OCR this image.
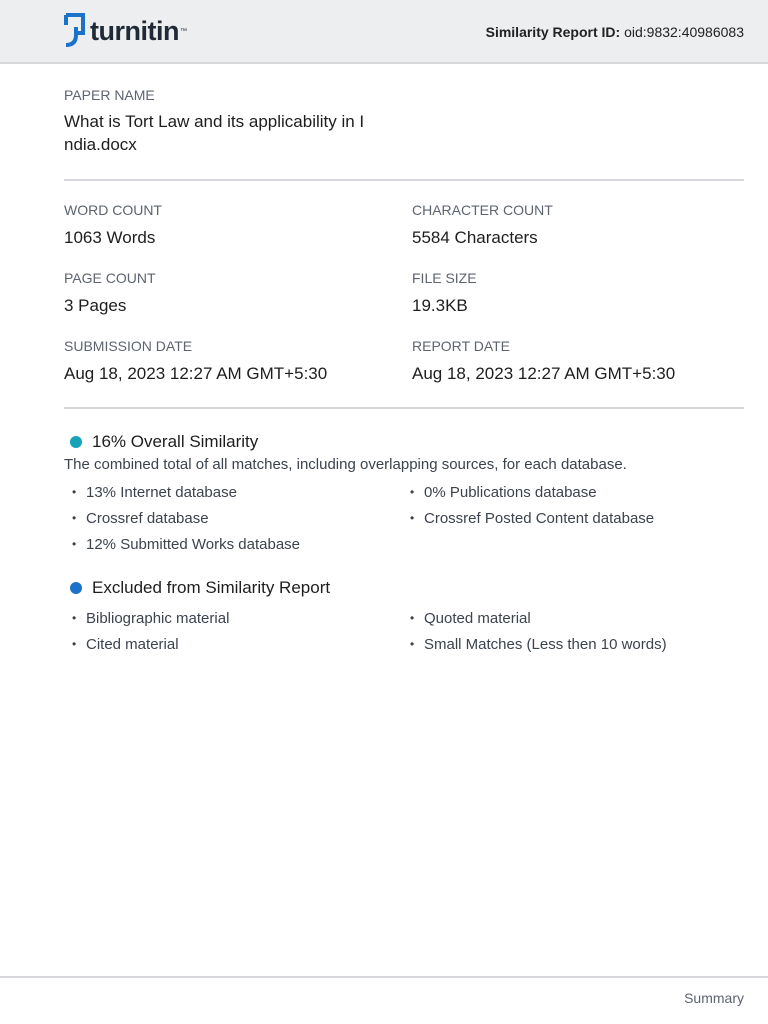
turnitin ™	Similarity Report ID: oid:9832:40986083
PAPER NAME
What is Tort Law and its applicability in I
ndia.docx
WORD COUNT
1063 Words
CHARACTER COUNT
5584 Characters
PAGE COUNT
3 Pages
FILE SIZE
19.3KB
SUBMISSION DATE
Aug 18, 2023 12:27 AM GMT+5:30
REPORT DATE
Aug 18, 2023 12:27 AM GMT+5:30
16% Overall Similarity
The combined total of all matches, including overlapping sources, for each database.
• 13% Internet database
• Crossref database
• 12% Submitted Works database
• 0% Publications database
• Crossref Posted Content database
Excluded from Similarity Report
• Bibliographic material
• Cited material
• Quoted material
• Small Matches (Less then 10 words)
Summary
